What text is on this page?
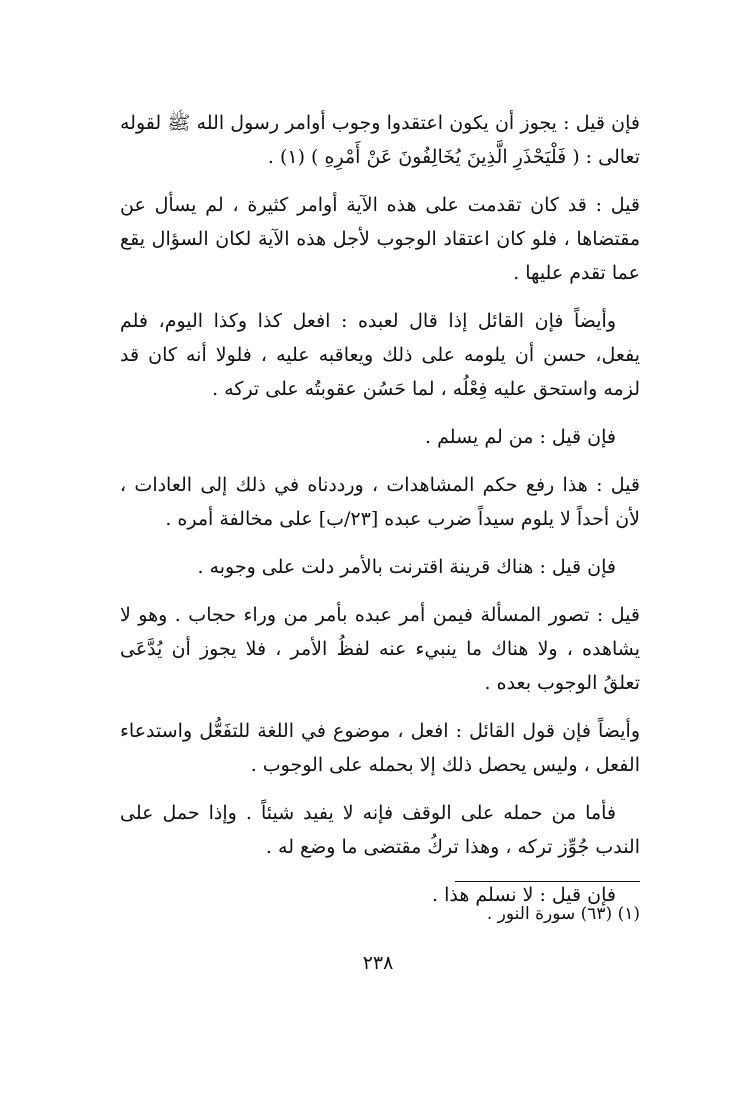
فإن قيل : يجوز أن يكون اعتقدوا وجوب أوامر رسول الله ﷺ لقوله تعالى : ( فَلْيَحْذَرِ الَّذِينَ يُخَالِفُونَ عَنْ أَمْرِهِ ) (١) .

قيل : قد كان تقدمت على هذه الآية أوامر كثيرة ، لم يسأل عن مقتضاها ، فلو كان اعتقاد الوجوب لأجل هذه الآية لكان السؤال يقع عما تقدم عليها .

وأيضاً فإن القائل إذا قال لعبده : افعل كذا وكذا اليوم، فلم يفعل، حسن أن يلومه على ذلك ويعاقبه عليه ، فلولا أنه كان قد لزمه واستحق عليه فِعْلُه ، لما حَسُن عقوبتُه على تركه .

فإن قيل : من لم يسلم .

قيل : هذا رفع حكم المشاهدات ، ورددناه في ذلك إلى العادات ، لأن أحداً لا يلوم سيداً ضرب عبده [٢٣/ب] على مخالفة أمره .

فإن قيل : هناك قرينة اقترنت بالأمر دلت على وجوبه .

قيل : تصور المسألة فيمن أمر عبده بأمر من وراء حجاب . وهو لا يشاهده ، ولا هناك ما ينبيء عنه لفظُ الأمر ، فلا يجوز أن يُدَّعَى تعلقُ الوجوب بعده .

وأيضاً فإن قول القائل : افعل ، موضوع في اللغة للتفَعُّل واستدعاء الفعل ، وليس يحصل ذلك إلا بحمله على الوجوب .

فأما من حمله على الوقف فإنه لا يفيد شيئاً . وإذا حمل على الندب جُوِّز تركه ، وهذا تركُ مقتضى ما وضع له .

فإن قيل : لا نسلم هذا .

(١) (٦٣) سورة النور .
٢٣٨
